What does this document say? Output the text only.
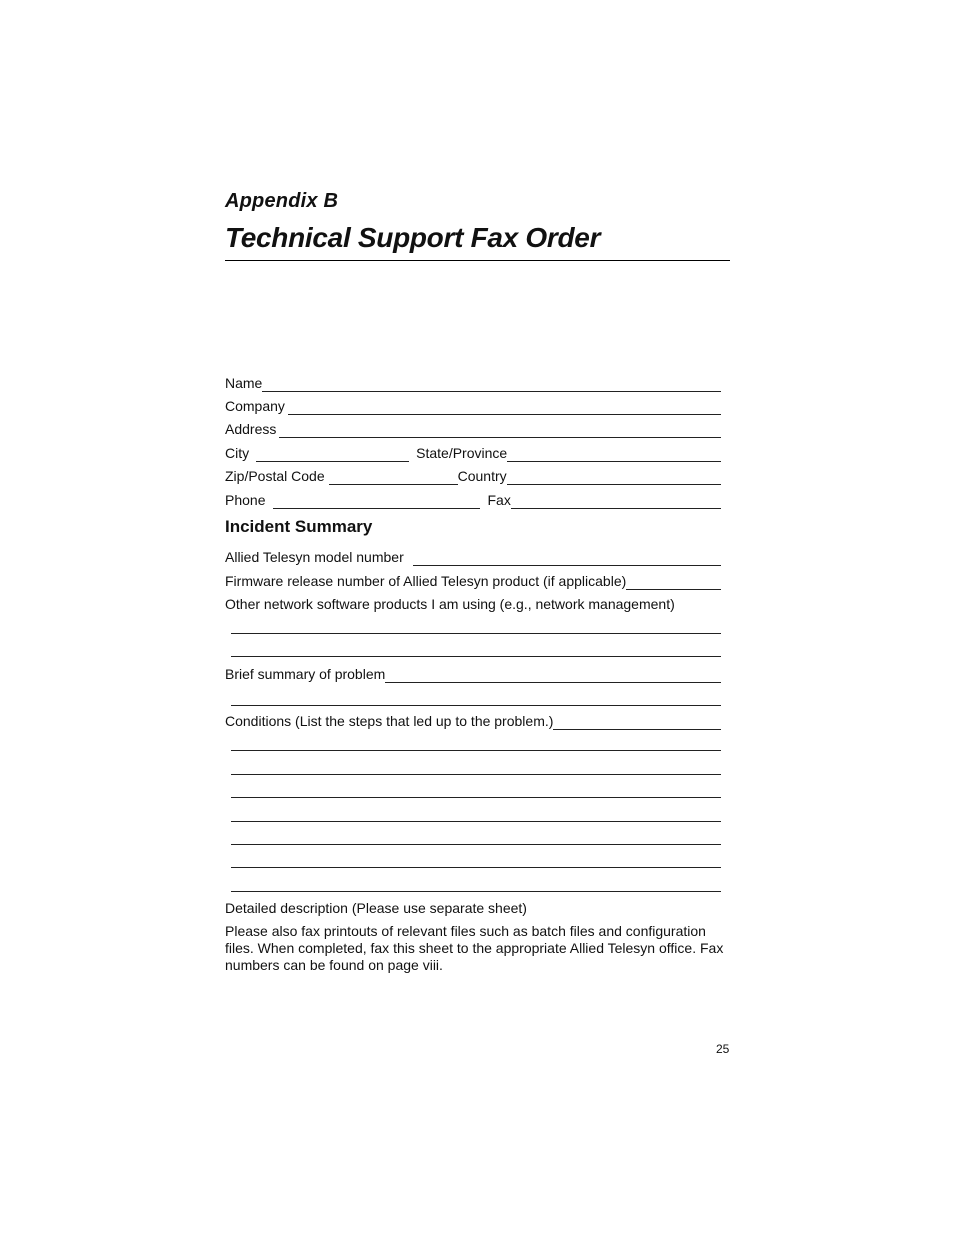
Appendix B
Technical Support Fax Order
Name
Company
Address
City	State/Province
Zip/Postal Code	Country
Phone	Fax
Incident Summary
Allied Telesyn model number
Firmware release number of Allied Telesyn product (if applicable)
Other network software products I am using (e.g., network management)
Brief summary of problem
Conditions (List the steps that led up to the problem.)
Detailed description (Please use separate sheet)
Please also fax printouts of relevant files such as batch files and configuration files. When completed, fax this sheet to the appropriate Allied Telesyn office. Fax numbers can be found on page viii.
25
